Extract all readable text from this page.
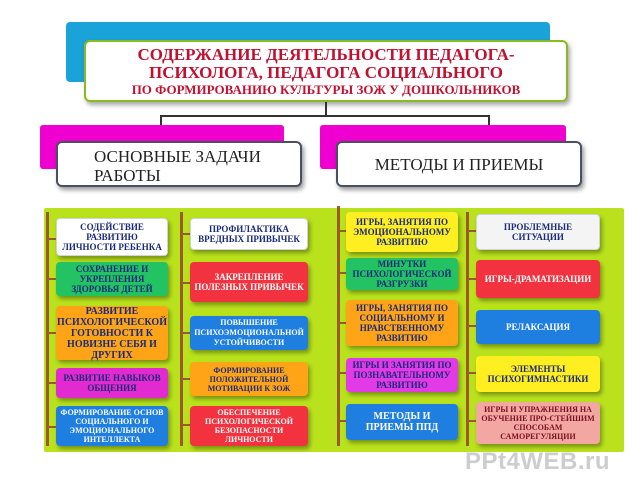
СОДЕРЖАНИЕ ДЕЯТЕЛЬНОСТИ ПЕДАГОГА-
ПСИХОЛОГА, ПЕДАГОГА СОЦИАЛЬНОГО
ПО ФОРМИРОВАНИЮ КУЛЬТУРЫ ЗОЖ У ДОШКОЛЬНИКОВ
ОСНОВНЫЕ ЗАДАЧИ РАБОТЫ
МЕТОДЫ И ПРИЕМЫ
СОДЕЙСТВИЕ РАЗВИТИЮ ЛИЧНОСТИ РЕБЕНКА
СОХРАНЕНИЕ И УКРЕПЛЕНИЯ ЗДОРОВЬЯ ДЕТЕЙ
РАЗВИТИЕ ПСИХОЛОГИЧЕСКОЙ ГОТОВНОСТИ К НОВИЗНЕ СЕБЯ И ДРУГИХ
РАЗВИТИЕ НАВЫКОВ ОБЩЕНИЯ
ФОРМИРОВАНИЕ ОСНОВ СОЦИАЛЬНОГО И ЭМОЦИОНАЛЬНОГО ИНТЕЛЛЕКТА
ПРОФИЛАКТИКА ВРЕДНЫХ ПРИВЫЧЕК
ЗАКРЕПЛЕНИЕ ПОЛЕЗНЫХ ПРИВЫЧЕК
ПОВЫШЕНИЕ ПСИХОЭМОЦИОНАЛЬНОЙ УСТОЙЧИВОСТИ
ФОРМИРОВАНИЕ ПОЛОЖИТЕЛЬНОЙ МОТИВАЦИИ К ЗОЖ
ОБЕСПЕЧЕНИЕ ПСИХОЛОГИЧЕСКОЙ БЕЗОПАСНОСТИ ЛИЧНОСТИ
ИГРЫ, ЗАНЯТИЯ ПО ЭМОЦИОНАЛЬНОМУ РАЗВИТИЮ
МИНУТКИ ПСИХОЛОГИЧЕСКОЙ РАЗГРУЗКИ
ИГРЫ, ЗАНЯТИЯ ПО СОЦИАЛЬНОМУ И НРАВСТВЕННОМУ РАЗВИТИЮ
ИГРЫ И ЗАНЯТИЯ ПО ПОЗНАВАТЕЛЬНОМУ РАЗВИТИЮ
МЕТОДЫ И ПРИЕМЫ ППД
ПРОБЛЕМНЫЕ СИТУАЦИИ
ИГРЫ-ДРАМАТИЗАЦИИ
РЕЛАКСАЦИЯ
ЭЛЕМЕНТЫ ПСИХОГИМНАСТИКИ
ИГРЫ И УПРАЖНЕНИЯ НА ОБУЧЕНИЕ ПРО-СТЕЙШИМ СПОСОБАМ САМОРЕГУЛЯЦИИ
PPt4WEB.ru
